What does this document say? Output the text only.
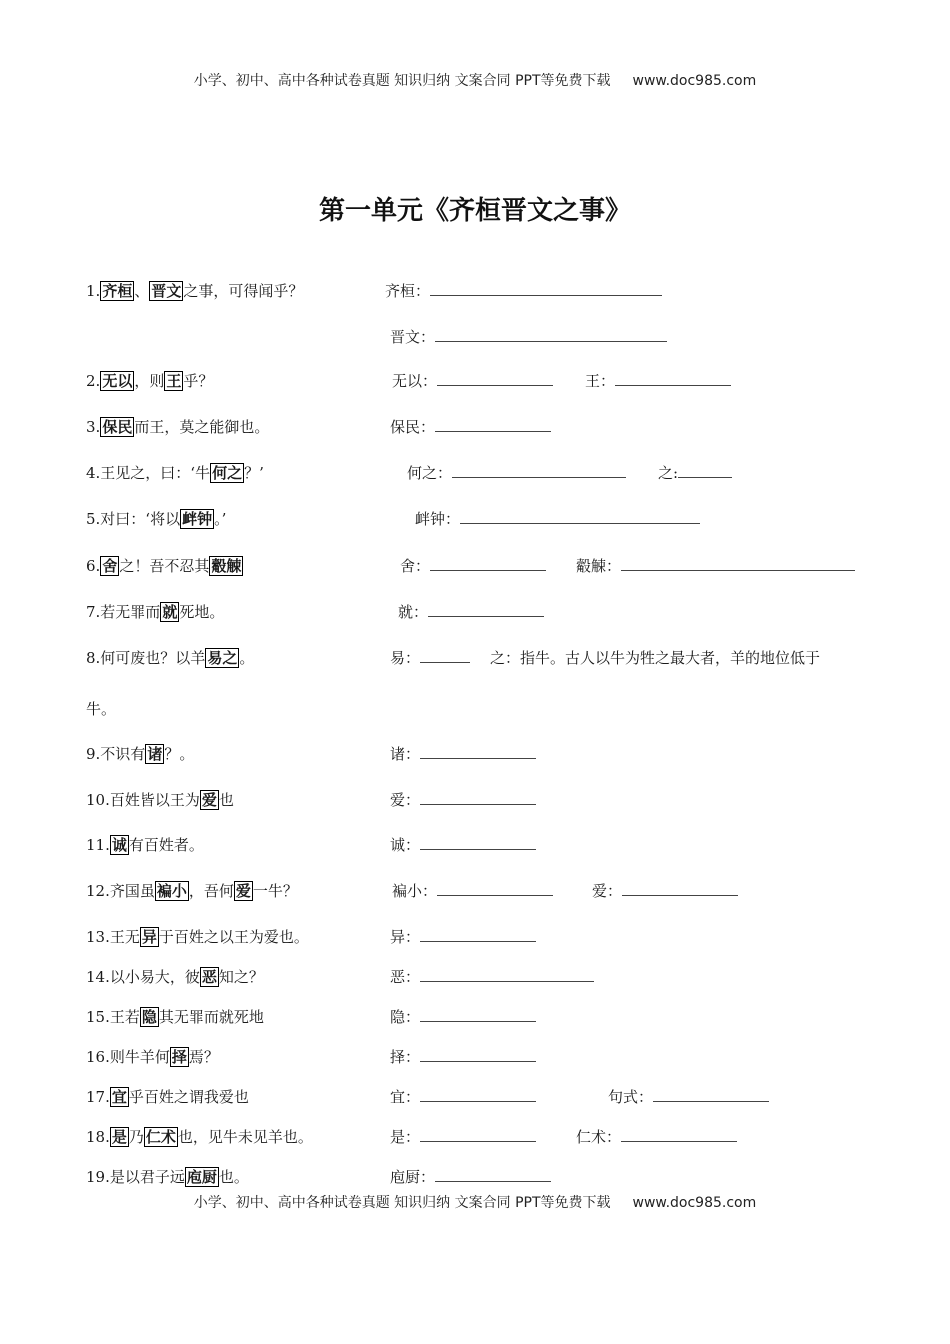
小学、初中、高中各种试卷真题 知识归纳 文案合同 PPT等免费下载 www.doc985.com
第一单元《齐桓晋文之事》
1. 齐桓 、 晋文 之事，可得闻乎？	齐桓：
晋文：
2. 无以 ，则 王 乎？	无以：	王：
3. 保民 而王，莫之能御也。	保民：
4.王见之，曰：‘牛 何之 ？’	何之：	之:
5.对曰：‘将以 衅钟 。’	衅钟：
6. 舍 之！吾不忍其 觳觫	舍：	觳觫：
7.若无罪而 就 死地。	就：
8.何可废也？以羊 易之 。	易：	之：指牛。古人以牛为牲之最大者，羊的地位低于
牛。
9.不识有 诸 ？。	诸：
10.百姓皆以王为 爱 也	爱：
11. 诚 有百姓者。	诚：
12.齐国虽 褊小 ，吾何 爱 一牛？	褊小：	爱：
13.王无 异 于百姓之以王为爱也。	异：
14.以小易大，彼 恶 知之？	恶：
15.王若 隐 其无罪而就死地	隐：
16.则牛羊何 择 焉？	择：
17. 宜 乎百姓之谓我爱也	宜：	句式：
18. 是 乃 仁术 也，见牛未见羊也。	是：	仁术：
19.是以君子远 庖厨 也。	庖厨：
小学、初中、高中各种试卷真题 知识归纳 文案合同 PPT等免费下载 www.doc985.com
